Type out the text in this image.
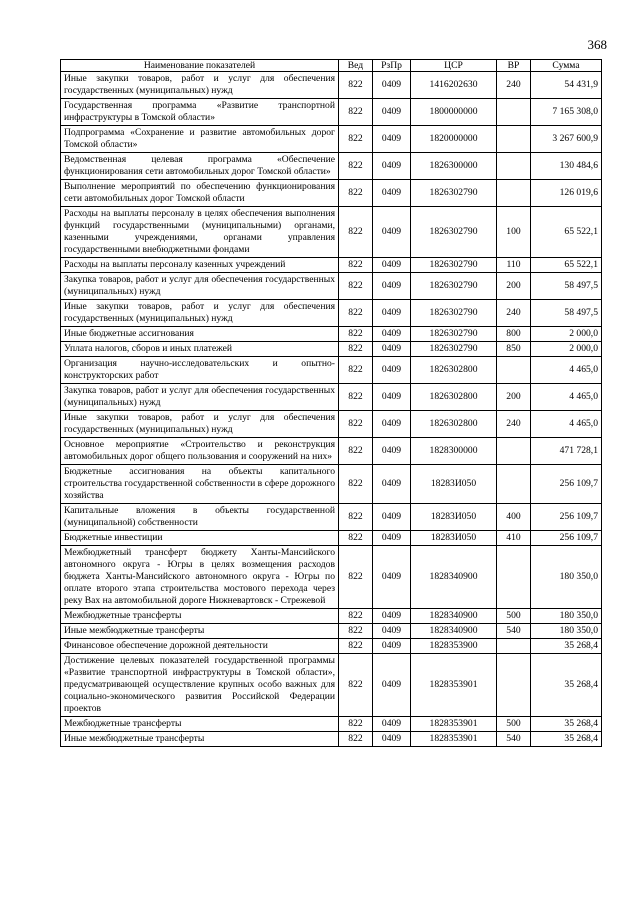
368
Наименование показателей	Вед	РзПр	ЦСР	ВР	Сумма
Иные закупки товаров, работ и услуг для обеспечения государственных (муниципальных) нужд	822	0409	1416202630	240	54 431,9
Государственная программа «Развитие транспортной инфраструктуры в Томской области»	822	0409	1800000000		7 165 308,0
Подпрограмма «Сохранение и развитие автомобильных дорог Томской области»	822	0409	1820000000		3 267 600,9
Ведомственная целевая программа «Обеспечение функционирования сети автомобильных дорог Томской области»	822	0409	1826300000		130 484,6
Выполнение мероприятий по обеспечению функционирования сети автомобильных дорог Томской области	822	0409	1826302790		126 019,6
Расходы на выплаты персоналу в целях обеспечения выполнения функций государственными (муниципальными) органами, казенными учреждениями, органами управления государственными внебюджетными фондами	822	0409	1826302790	100	65 522,1
Расходы на выплаты персоналу казенных учреждений	822	0409	1826302790	110	65 522,1
Закупка товаров, работ и услуг для обеспечения государственных (муниципальных) нужд	822	0409	1826302790	200	58 497,5
Иные закупки товаров, работ и услуг для обеспечения государственных (муниципальных) нужд	822	0409	1826302790	240	58 497,5
Иные бюджетные ассигнования	822	0409	1826302790	800	2 000,0
Уплата налогов, сборов и иных платежей	822	0409	1826302790	850	2 000,0
Организация научно-исследовательских и опытно-конструкторских работ	822	0409	1826302800		4 465,0
Закупка товаров, работ и услуг для обеспечения государственных (муниципальных) нужд	822	0409	1826302800	200	4 465,0
Иные закупки товаров, работ и услуг для обеспечения государственных (муниципальных) нужд	822	0409	1826302800	240	4 465,0
Основное мероприятие «Строительство и реконструкция автомобильных дорог общего пользования и сооружений на них»	822	0409	1828300000		471 728,1
Бюджетные ассигнования на объекты капитального строительства государственной собственности в сфере дорожного хозяйства	822	0409	18283И050		256 109,7
Капитальные вложения в объекты государственной (муниципальной) собственности	822	0409	18283И050	400	256 109,7
Бюджетные инвестиции	822	0409	18283И050	410	256 109,7
Межбюджетный трансферт бюджету Ханты-Мансийского автономного округа - Югры в целях возмещения расходов бюджета Ханты-Мансийского автономного округа - Югры по оплате второго этапа строительства мостового перехода через реку Вах на автомобильной дороге Нижневартовск - Стрежевой	822	0409	1828340900		180 350,0
Межбюджетные трансферты	822	0409	1828340900	500	180 350,0
Иные межбюджетные трансферты	822	0409	1828340900	540	180 350,0
Финансовое обеспечение дорожной деятельности	822	0409	1828353900		35 268,4
Достижение целевых показателей государственной программы «Развитие транспортной инфраструктуры в Томской области», предусматривающей осуществление крупных особо важных для социально-экономического развития Российской Федерации проектов	822	0409	1828353901		35 268,4
Межбюджетные трансферты	822	0409	1828353901	500	35 268,4
Иные межбюджетные трансферты	822	0409	1828353901	540	35 268,4
